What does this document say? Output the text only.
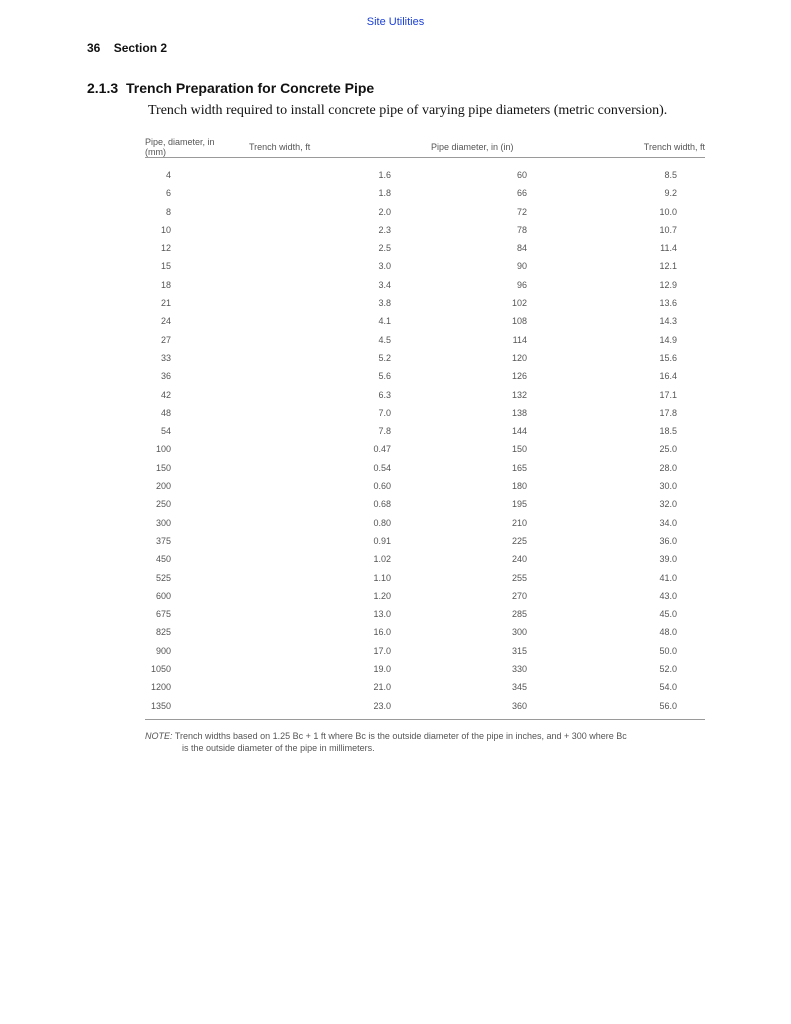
Site Utilities
36 Section 2
2.1.3 Trench Preparation for Concrete Pipe
Trench width required to install concrete pipe of varying pipe diameters (metric conversion).
Pipe, diameter, in (mm)	Trench width, ft	Pipe diameter, in (in)	Trench width, ft
4	1.6	60	8.5
6	1.8	66	9.2
8	2.0	72	10.0
10	2.3	78	10.7
12	2.5	84	11.4
15	3.0	90	12.1
18	3.4	96	12.9
21	3.8	102	13.6
24	4.1	108	14.3
27	4.5	114	14.9
33	5.2	120	15.6
36	5.6	126	16.4
42	6.3	132	17.1
48	7.0	138	17.8
54	7.8	144	18.5
100	0.47	150	25.0
150	0.54	165	28.0
200	0.60	180	30.0
250	0.68	195	32.0
300	0.80	210	34.0
375	0.91	225	36.0
450	1.02	240	39.0
525	1.10	255	41.0
600	1.20	270	43.0
675	13.0	285	45.0
825	16.0	300	48.0
900	17.0	315	50.0
1050	19.0	330	52.0
1200	21.0	345	54.0
1350	23.0	360	56.0
NOTE: Trench widths based on 1.25 Bc + 1 ft where Bc is the outside diameter of the pipe in inches, and + 300 where Bc
is the outside diameter of the pipe in millimeters.
